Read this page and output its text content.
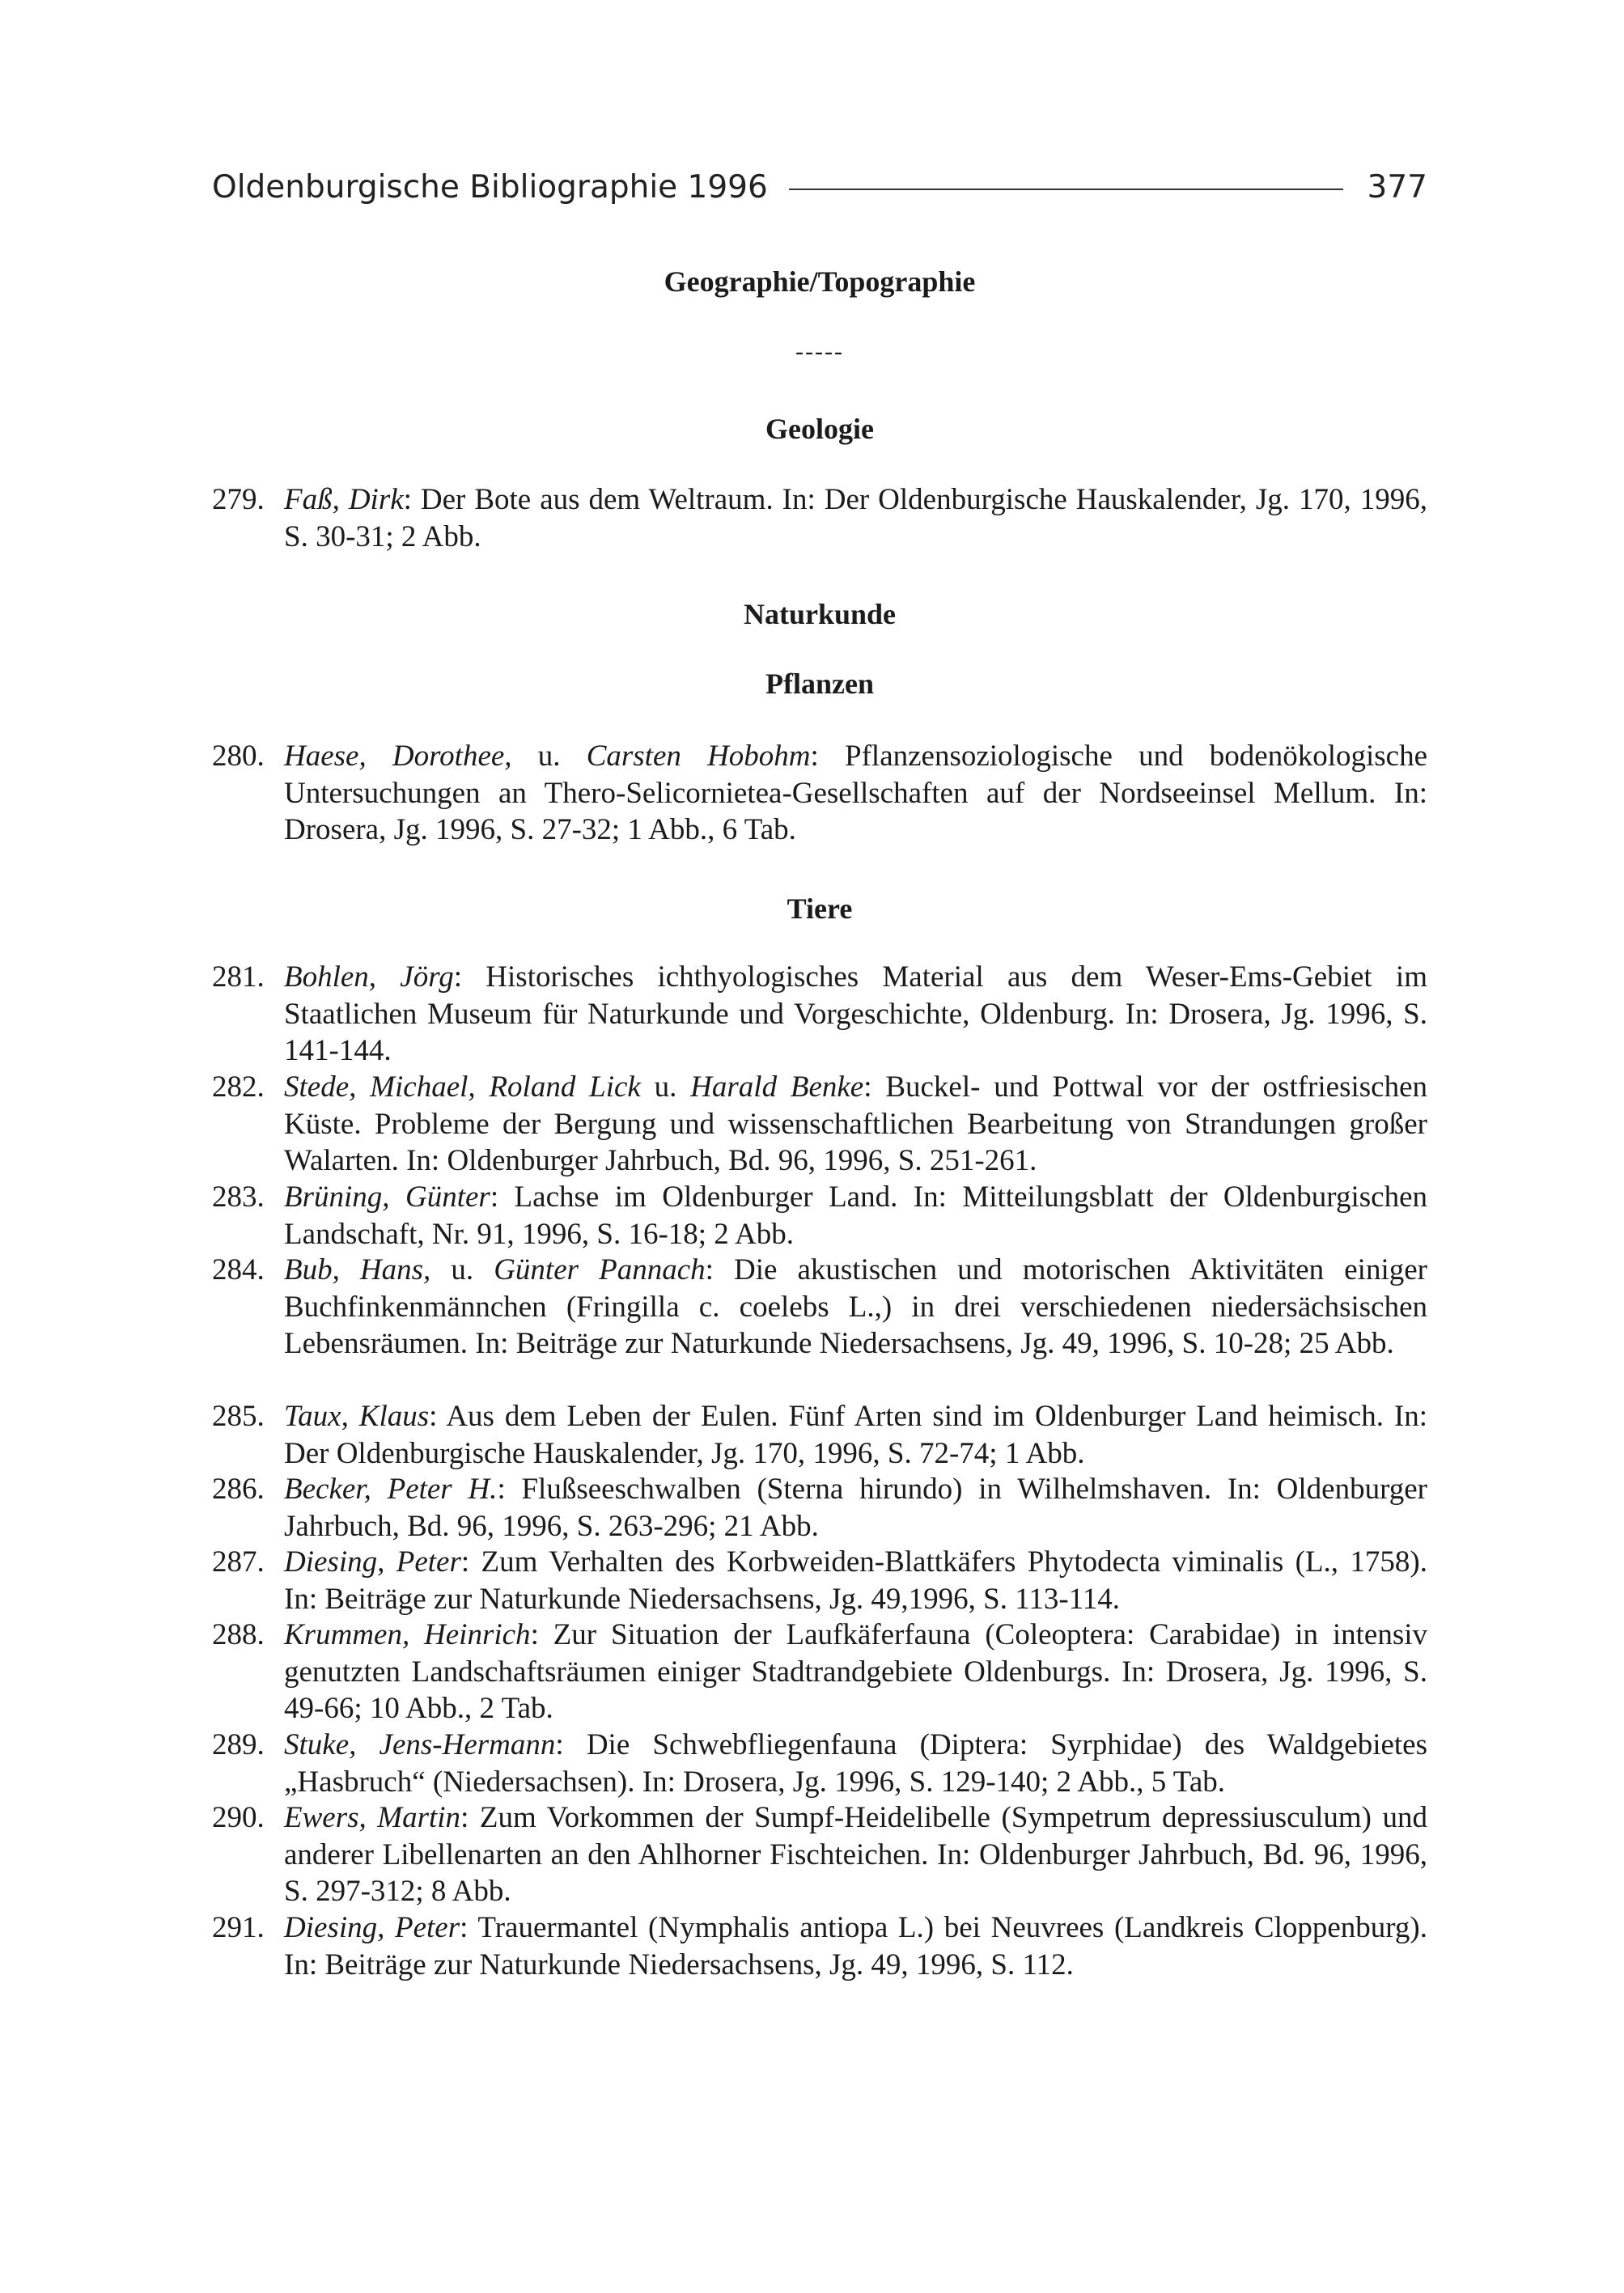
Oldenburgische Bibliographie 1996	377
Geographie/Topographie
-----
Geologie
279. Faß, Dirk: Der Bote aus dem Weltraum. In: Der Oldenburgische Hauskalender, Jg. 170, 1996, S. 30-31; 2 Abb.
Naturkunde
Pflanzen
280. Haese, Dorothee, u. Carsten Hobohm: Pflanzensoziologische und bodenökologische Untersuchungen an Thero-Selicornietea-Gesellschaften auf der Nordseeinsel Mellum. In: Drosera, Jg. 1996, S. 27-32; 1 Abb., 6 Tab.
Tiere
281. Bohlen, Jörg: Historisches ichthyologisches Material aus dem Weser-Ems-Gebiet im Staatlichen Museum für Naturkunde und Vorgeschichte, Oldenburg. In: Drosera, Jg. 1996, S. 141-144.
282. Stede, Michael, Roland Lick u. Harald Benke: Buckel- und Pottwal vor der ostfriesischen Küste. Probleme der Bergung und wissenschaftlichen Bearbeitung von Strandungen großer Walarten. In: Oldenburger Jahrbuch, Bd. 96, 1996, S. 251-261.
283. Brüning, Günter: Lachse im Oldenburger Land. In: Mitteilungsblatt der Oldenburgischen Landschaft, Nr. 91, 1996, S. 16-18; 2 Abb.
284. Bub, Hans, u. Günter Pannach: Die akustischen und motorischen Aktivitäten einiger Buchfinkenmännchen (Fringilla c. coelebs L.,) in drei verschiedenen niedersächsischen Lebensräumen. In: Beiträge zur Naturkunde Niedersachsens, Jg. 49, 1996, S. 10-28; 25 Abb.
285. Taux, Klaus: Aus dem Leben der Eulen. Fünf Arten sind im Oldenburger Land heimisch. In: Der Oldenburgische Hauskalender, Jg. 170, 1996, S. 72-74; 1 Abb.
286. Becker, Peter H.: Flußseeschwalben (Sterna hirundo) in Wilhelmshaven. In: Oldenburger Jahrbuch, Bd. 96, 1996, S. 263-296; 21 Abb.
287. Diesing, Peter: Zum Verhalten des Korbweiden-Blattkäfers Phytodecta viminalis (L., 1758). In: Beiträge zur Naturkunde Niedersachsens, Jg. 49,1996, S. 113-114.
288. Krummen, Heinrich: Zur Situation der Laufkäferfauna (Coleoptera: Carabidae) in intensiv genutzten Landschaftsräumen einiger Stadtrandgebiete Oldenburgs. In: Drosera, Jg. 1996, S. 49-66; 10 Abb., 2 Tab.
289. Stuke, Jens-Hermann: Die Schwebfliegenfauna (Diptera: Syrphidae) des Waldgebietes „Hasbruch“ (Niedersachsen). In: Drosera, Jg. 1996, S. 129-140; 2 Abb., 5 Tab.
290. Ewers, Martin: Zum Vorkommen der Sumpf-Heidelibelle (Sympetrum depressiusculum) und anderer Libellenarten an den Ahlhorner Fischteichen. In: Oldenburger Jahrbuch, Bd. 96, 1996, S. 297-312; 8 Abb.
291. Diesing, Peter: Trauermantel (Nymphalis antiopa L.) bei Neuvrees (Landkreis Cloppenburg). In: Beiträge zur Naturkunde Niedersachsens, Jg. 49, 1996, S. 112.
